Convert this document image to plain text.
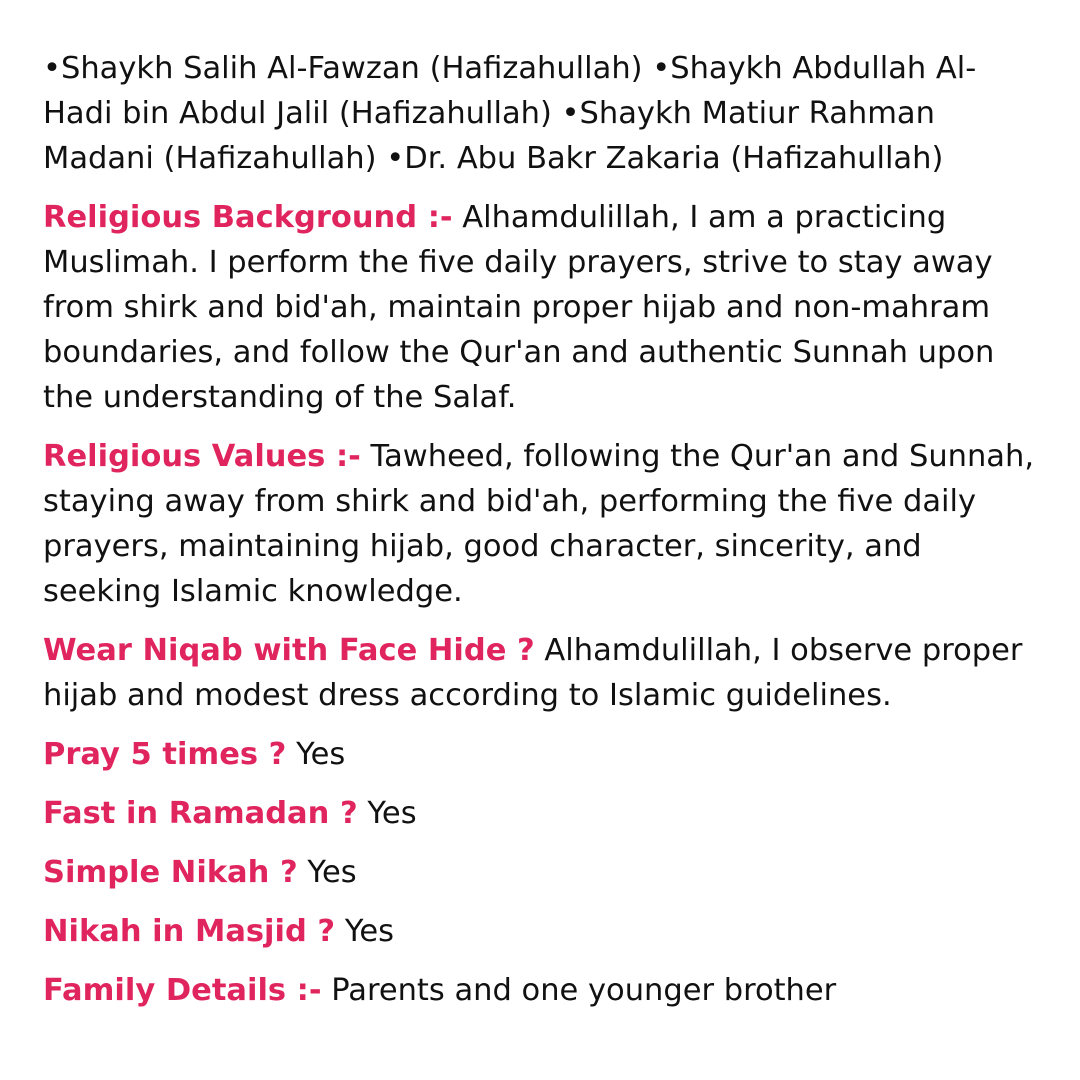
•Shaykh Salih Al-Fawzan (Hafizahullah) •Shaykh Abdullah Al-Hadi bin Abdul Jalil (Hafizahullah) •Shaykh Matiur Rahman Madani (Hafizahullah) •Dr. Abu Bakr Zakaria (Hafizahullah)

Religious Background :- Alhamdulillah, I am a practicing Muslimah. I perform the five daily prayers, strive to stay away from shirk and bid'ah, maintain proper hijab and non-mahram boundaries, and follow the Qur'an and authentic Sunnah upon the understanding of the Salaf.

Religious Values :- Tawheed, following the Qur'an and Sunnah, staying away from shirk and bid'ah, performing the five daily prayers, maintaining hijab, good character, sincerity, and seeking Islamic knowledge.

Wear Niqab with Face Hide ? Alhamdulillah, I observe proper hijab and modest dress according to Islamic guidelines.

Pray 5 times ? Yes

Fast in Ramadan ? Yes

Simple Nikah ? Yes

Nikah in Masjid ? Yes

Family Details :- Parents and one younger brother
